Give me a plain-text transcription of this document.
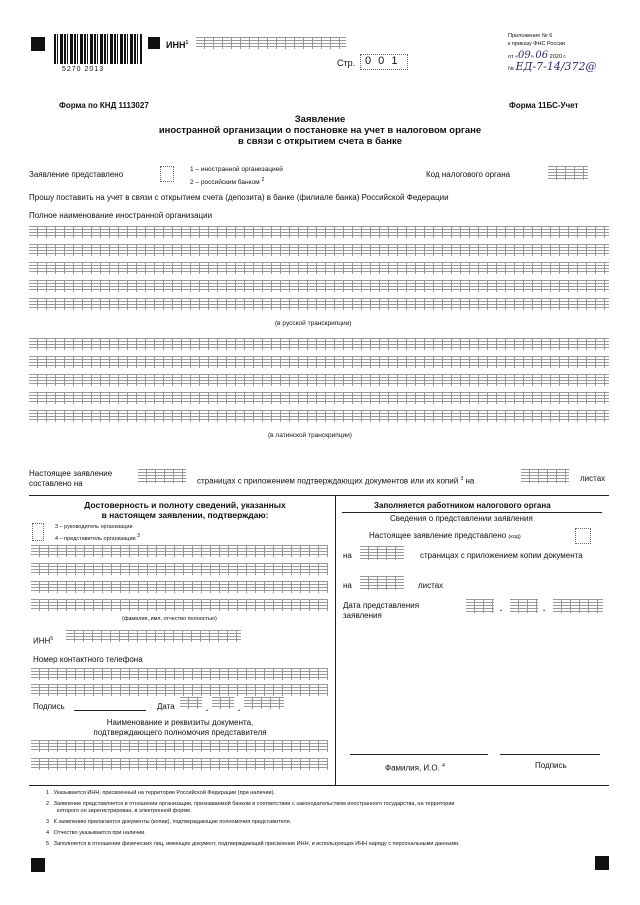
5270 2013
ИНН$^1$
Стр. 0 0 1
Приложение № 6
к приказу ФНС России
от «09» 06 2020 г.
№ ЕД-7-14/372@
Форма по КНД 1113027	Форма 11БС-Учет
Заявление
иностранной организации о постановке на учет в налоговом органе
в связи с открытием счета в банке
Заявление представлено
1 – иностранной организацией
2 – российским банком $^2$
Код налогового органа
Прошу поставить на учет в связи с открытием счета (депозита) в банке (филиале банка) Российской Федерации
Полное наименование иностранной организации
(в русской транскрипции)
(в латинской транскрипции)
Настоящее заявление
составлено на	страницах с приложением подтверждающих документов или их копий $^3$ на	листах
Достоверность и полноту сведений, указанных
в настоящем заявлении, подтверждаю:
3 – руководитель организации
4 – представитель организации $^3$
(фамилия, имя, отчество полностью)
ИНН$^5$
Номер контактного телефона
Подпись	Дата	.	.
Наименование и реквизиты документа,
подтверждающего полномочия представителя
Заполняется работником налогового органа
Сведения о представлении заявления
Настоящее заявление представлено (код)
на	страницах с приложением копии документа
на	листах
Дата представления
заявления
.	.
Фамилия, И.О. $^4$	Подпись
1 Указывается ИНН, присвоенный на территории Российской Федерации (при наличии).
2 Заявление представляется в отношении организации, признаваемой банком в соответствии с законодательством иностранного государства, на территории
которого он зарегистрирован, в электронной форме.
3 К заявлению прилагаются документы (копии), подтверждающие полномочия представителя.
4 Отчество указывается при наличии.
5 Заполняется в отношении физических лиц, имеющих документ, подтверждающий присвоение ИНН, и использующих ИНН наряду с персональными данными.
